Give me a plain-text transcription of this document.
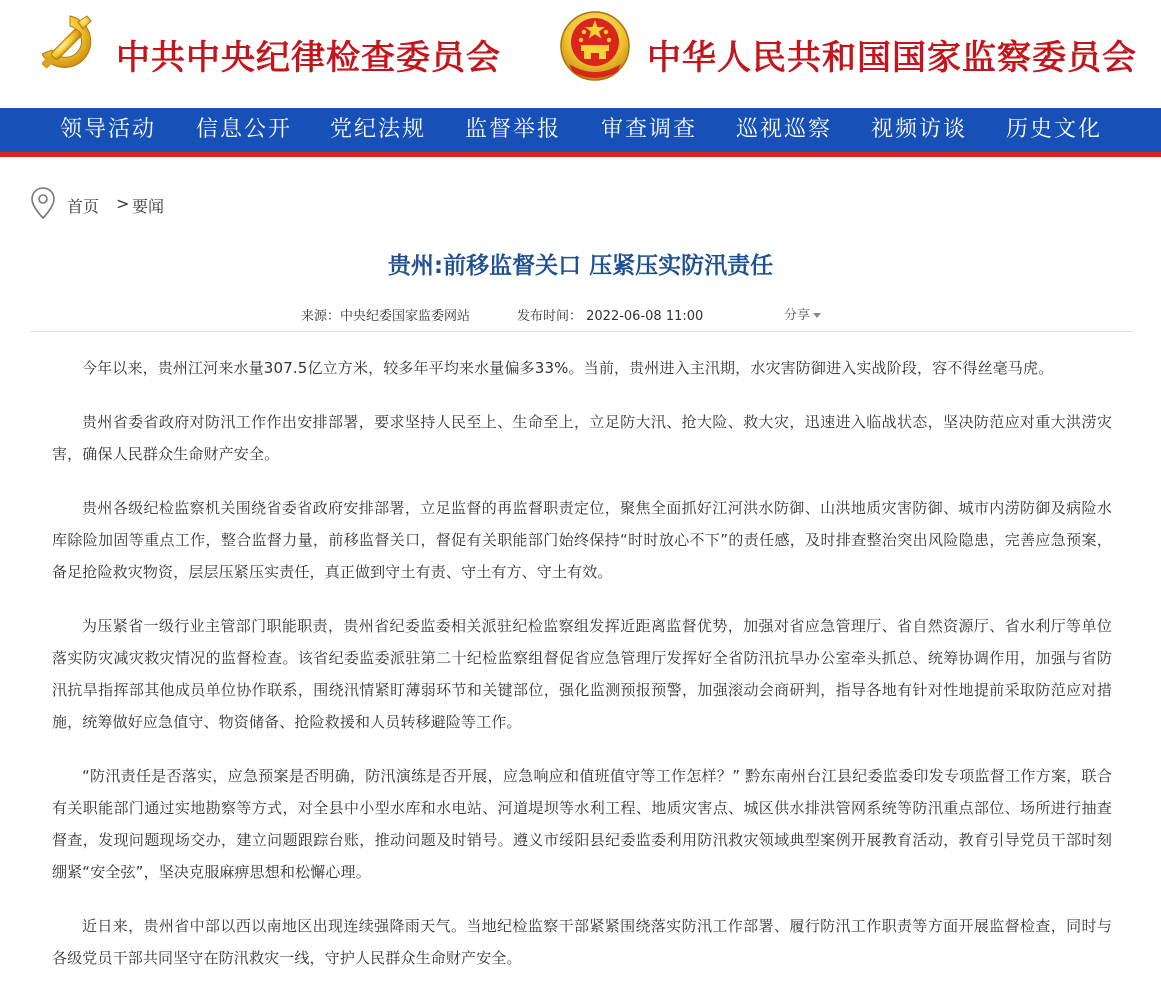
中共中央纪律检查委员会	中华人民共和国国家监察委员会
领导活动 信息公开 党纪法规 监督举报 审查调查 巡视巡察 视频访谈 历史文化
首页 > 要闻
贵州:前移监督关口 压紧压实防汛责任
来源：中央纪委国家监委网站	发布时间： 2022-06-08 11:00	分享

今年以来，贵州江河来水量307.5亿立方米，较多年平均来水量偏多33%。当前，贵州进入主汛期，水灾害防御进入实战阶段，容不得丝毫马虎。

贵州省委省政府对防汛工作作出安排部署，要求坚持人民至上、生命至上，立足防大汛、抢大险、救大灾，迅速进入临战状态，坚决防范应对重大洪涝灾害，确保人民群众生命财产安全。

贵州各级纪检监察机关围绕省委省政府安排部署，立足监督的再监督职责定位，聚焦全面抓好江河洪水防御、山洪地质灾害防御、城市内涝防御及病险水库除险加固等重点工作，整合监督力量，前移监督关口，督促有关职能部门始终保持“时时放心不下”的责任感，及时排查整治突出风险隐患，完善应急预案，备足抢险救灾物资，层层压紧压实责任，真正做到守土有责、守土有方、守土有效。

为压紧省一级行业主管部门职能职责，贵州省纪委监委相关派驻纪检监察组发挥近距离监督优势，加强对省应急管理厅、省自然资源厅、省水利厅等单位落实防灾减灾救灾情况的监督检查。该省纪委监委派驻第二十纪检监察组督促省应急管理厅发挥好全省防汛抗旱办公室牵头抓总、统筹协调作用，加强与省防汛抗旱指挥部其他成员单位协作联系，围绕汛情紧盯薄弱环节和关键部位，强化监测预报预警，加强滚动会商研判，指导各地有针对性地提前采取防范应对措施，统筹做好应急值守、物资储备、抢险救援和人员转移避险等工作。

“防汛责任是否落实，应急预案是否明确，防汛演练是否开展，应急响应和值班值守等工作怎样？” 黔东南州台江县纪委监委印发专项监督工作方案，联合有关职能部门通过实地勘察等方式，对全县中小型水库和水电站、河道堤坝等水利工程、地质灾害点、城区供水排洪管网系统等防汛重点部位、场所进行抽查督查，发现问题现场交办，建立问题跟踪台账，推动问题及时销号。遵义市绥阳县纪委监委利用防汛救灾领域典型案例开展教育活动，教育引导党员干部时刻绷紧“安全弦”，坚决克服麻痹思想和松懈心理。

近日来，贵州省中部以西以南地区出现连续强降雨天气。当地纪检监察干部紧紧围绕落实防汛工作部署、履行防汛工作职责等方面开展监督检查，同时与各级党员干部共同坚守在防汛救灾一线，守护人民群众生命财产安全。
